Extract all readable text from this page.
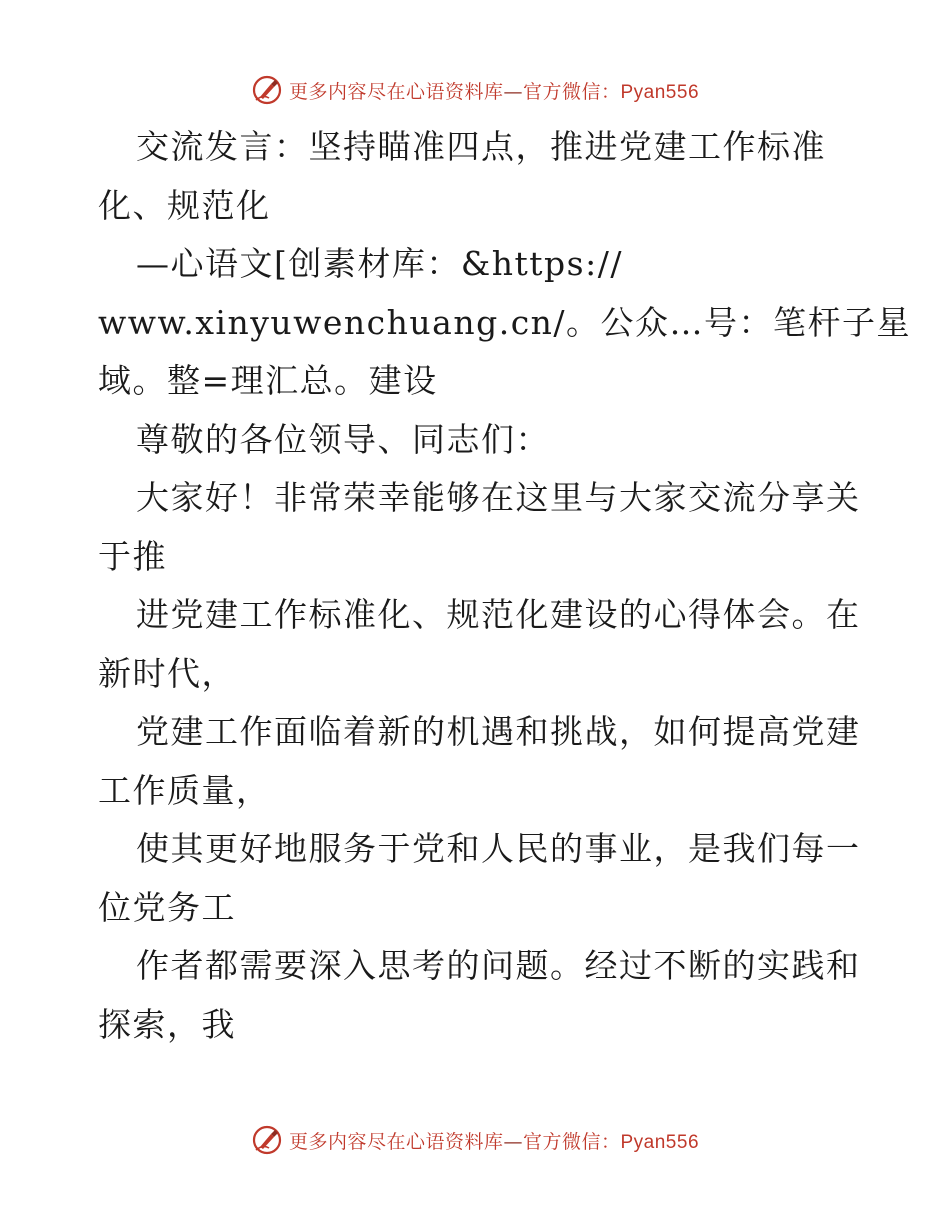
更多内容尽在心语资料库—官方微信：Pyan556
交流发言：坚持瞄准四点，推进党建工作标准
化、规范化
—心语文[创素材库：&https://
www.xinyuwenchuang.cn/。公众…号：笔杆子星
域。整=理汇总。建设
尊敬的各位领导、同志们：
大家好！非常荣幸能够在这里与大家交流分享关
于推
进党建工作标准化、规范化建设的心得体会。在
新时代，
党建工作面临着新的机遇和挑战，如何提高党建
工作质量，
使其更好地服务于党和人民的事业，是我们每一
位党务工
作者都需要深入思考的问题。经过不断的实践和
探索，我
更多内容尽在心语资料库—官方微信：Pyan556
